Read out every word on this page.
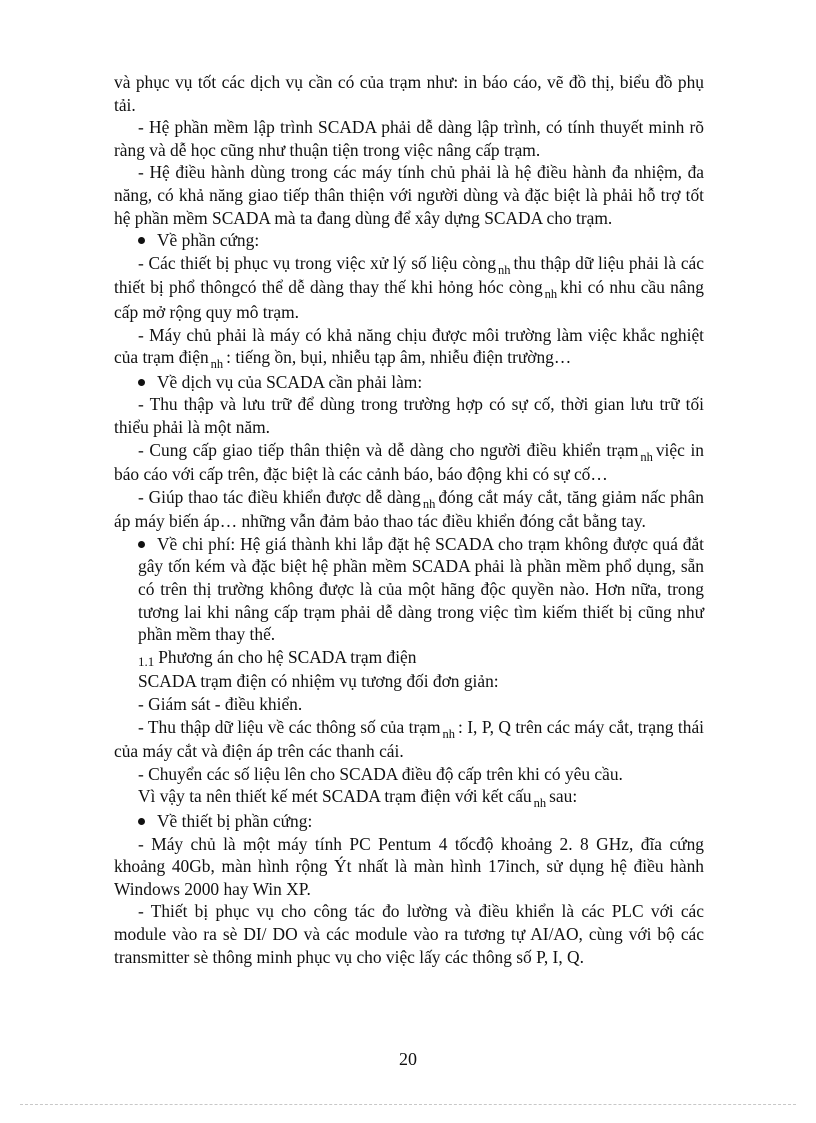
và phục vụ tốt các dịch vụ cần có của trạm như: in báo cáo, vẽ đồ thị, biểu đồ phụ tải.

- Hệ phần mềm lập trình SCADA phải dễ dàng lập trình, có tính thuyết minh rõ ràng và dễ học cũng như thuận tiện trong việc nâng cấp trạm.

- Hệ điều hành dùng trong các máy tính chủ phải là hệ điều hành đa nhiệm, đa năng, có khả năng giao tiếp thân thiện với người dùng và đặc biệt là phải hỗ trợ tốt hệ phần mềm SCADA mà ta đang dùng để xây dựng SCADA cho trạm.

Về phần cứng:

- Các thiết bị phục vụ trong việc xử lý số liệu còng $_{nh}$ thu thập dữ liệu phải là các thiết bị phổ thôngcó thể dễ dàng thay thế khi hỏng hóc còng $_{nh}$ khi có nhu cầu nâng cấp mở rộng quy mô trạm.

- Máy chủ phải là máy có khả năng chịu được môi trường làm việc khắc nghiệt của trạm điện $_{nh}$ : tiếng ồn, bụi, nhiễu tạp âm, nhiễu điện trường…

Về dịch vụ của SCADA cần phải làm:

- Thu thập và lưu trữ để dùng trong trường hợp có sự cố, thời gian lưu trữ tối thiểu phải là một năm.

- Cung cấp giao tiếp thân thiện và dễ dàng cho người điều khiển trạm $_{nh}$ việc in báo cáo với cấp trên, đặc biệt là các cảnh báo, báo động khi có sự cố…

- Giúp thao tác điều khiển được dễ dàng $_{nh}$ đóng cắt máy cắt, tăng giảm nấc phân áp máy biến áp… những vẫn đảm bảo thao tác điều khiển đóng cắt bằng tay.

Về chi phí: Hệ giá thành khi lắp đặt hệ SCADA cho trạm không được quá đắt gây tốn kém và đặc biệt hệ phần mềm SCADA phải là phần mềm phổ dụng, sẵn có trên thị trường không được là của một hãng độc quyền nào. Hơn nữa, trong tương lai khi nâng cấp trạm phải dễ dàng trong việc tìm kiếm thiết bị cũng như phần mềm thay thế.

1.1 Phương án cho hệ SCADA trạm điện

SCADA trạm điện có nhiệm vụ tương đối đơn giản:

- Giám sát - điều khiển.

- Thu thập dữ liệu về các thông số của trạm $_{nh}$ : I, P, Q trên các máy cắt, trạng thái của máy cắt và điện áp trên các thanh cái.

- Chuyển các số liệu lên cho SCADA điều độ cấp trên khi có yêu cầu.

Vì vậy ta nên thiết kế mét SCADA trạm điện với kết cấu $_{nh}$ sau:

Về thiết bị phần cứng:

- Máy chủ là một máy tính PC Pentum 4 tốcđộ khoảng 2. 8 GHz, đĩa cứng khoảng 40Gb, màn hình rộng Ýt nhất là màn hình 17inch, sử dụng hệ điều hành Windows 2000 hay Win XP.

- Thiết bị phục vụ cho công tác đo lường và điều khiển là các PLC với các module vào ra sè DI/ DO và các module vào ra tương tự AI/AO, cùng với bộ các transmitter sè thông minh phục vụ cho việc lấy các thông số P, I, Q.

20
